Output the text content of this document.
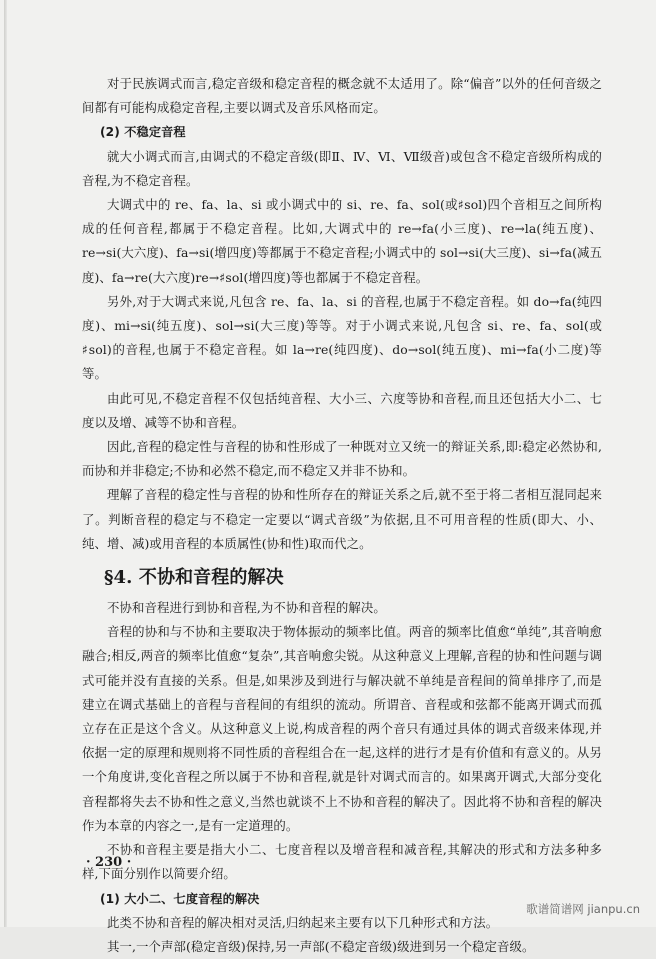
对于民族调式而言,稳定音级和稳定音程的概念就不太适用了。除“偏音”以外的任何音级之间都有可能构成稳定音程,主要以调式及音乐风格而定。

(2) 不稳定音程

就大小调式而言,由调式的不稳定音级(即Ⅱ、Ⅳ、Ⅵ、Ⅶ级音)或包含不稳定音级所构成的音程,为不稳定音程。

大调式中的 re、fa、la、si 或小调式中的 si、re、fa、sol(或♯sol)四个音相互之间所构成的任何音程,都属于不稳定音程。比如,大调式中的 re→fa(小三度)、re→la(纯五度)、re→si(大六度)、fa→si(增四度)等都属于不稳定音程;小调式中的 sol→si(大三度)、si→fa(减五度)、fa→re(大六度)re→♯sol(增四度)等也都属于不稳定音程。

另外,对于大调式来说,凡包含 re、fa、la、si 的音程,也属于不稳定音程。如 do→fa(纯四度)、mi→si(纯五度)、sol→si(大三度)等等。对于小调式来说,凡包含 si、re、fa、sol(或♯sol)的音程,也属于不稳定音程。如 la→re(纯四度)、do→sol(纯五度)、mi→fa(小二度)等等。

由此可见,不稳定音程不仅包括纯音程、大小三、六度等协和音程,而且还包括大小二、七度以及增、减等不协和音程。

因此,音程的稳定性与音程的协和性形成了一种既对立又统一的辩证关系,即:稳定必然协和,而协和并非稳定;不协和必然不稳定,而不稳定又并非不协和。

理解了音程的稳定性与音程的协和性所存在的辩证关系之后,就不至于将二者相互混同起来了。判断音程的稳定与不稳定一定要以“调式音级”为依据,且不可用音程的性质(即大、小、纯、增、减)或用音程的本质属性(协和性)取而代之。

§4. 不协和音程的解决

不协和音程进行到协和音程,为不协和音程的解决。

音程的协和与不协和主要取决于物体振动的频率比值。两音的频率比值愈“单纯”,其音响愈融合;相反,两音的频率比值愈“复杂”,其音响愈尖锐。从这种意义上理解,音程的协和性问题与调式可能并没有直接的关系。但是,如果涉及到进行与解决就不单纯是音程间的简单排序了,而是建立在调式基础上的音程与音程间的有组织的流动。所谓音、音程或和弦都不能离开调式而孤立存在正是这个含义。从这种意义上说,构成音程的两个音只有通过具体的调式音级来体现,并依据一定的原理和规则将不同性质的音程组合在一起,这样的进行才是有价值和有意义的。从另一个角度讲,变化音程之所以属于不协和音程,就是针对调式而言的。如果离开调式,大部分变化音程都将失去不协和性之意义,当然也就谈不上不协和音程的解决了。因此将不协和音程的解决作为本章的内容之一,是有一定道理的。

不协和音程主要是指大小二、七度音程以及增音程和减音程,其解决的形式和方法多种多样,下面分别作以简要介绍。

(1) 大小二、七度音程的解决

此类不协和音程的解决相对灵活,归纳起来主要有以下几种形式和方法。

其一,一个声部(稳定音级)保持,另一声部(不稳定音级)级进到另一个稳定音级。

· 230 ·
歌谱简谱网 jianpu.cn
